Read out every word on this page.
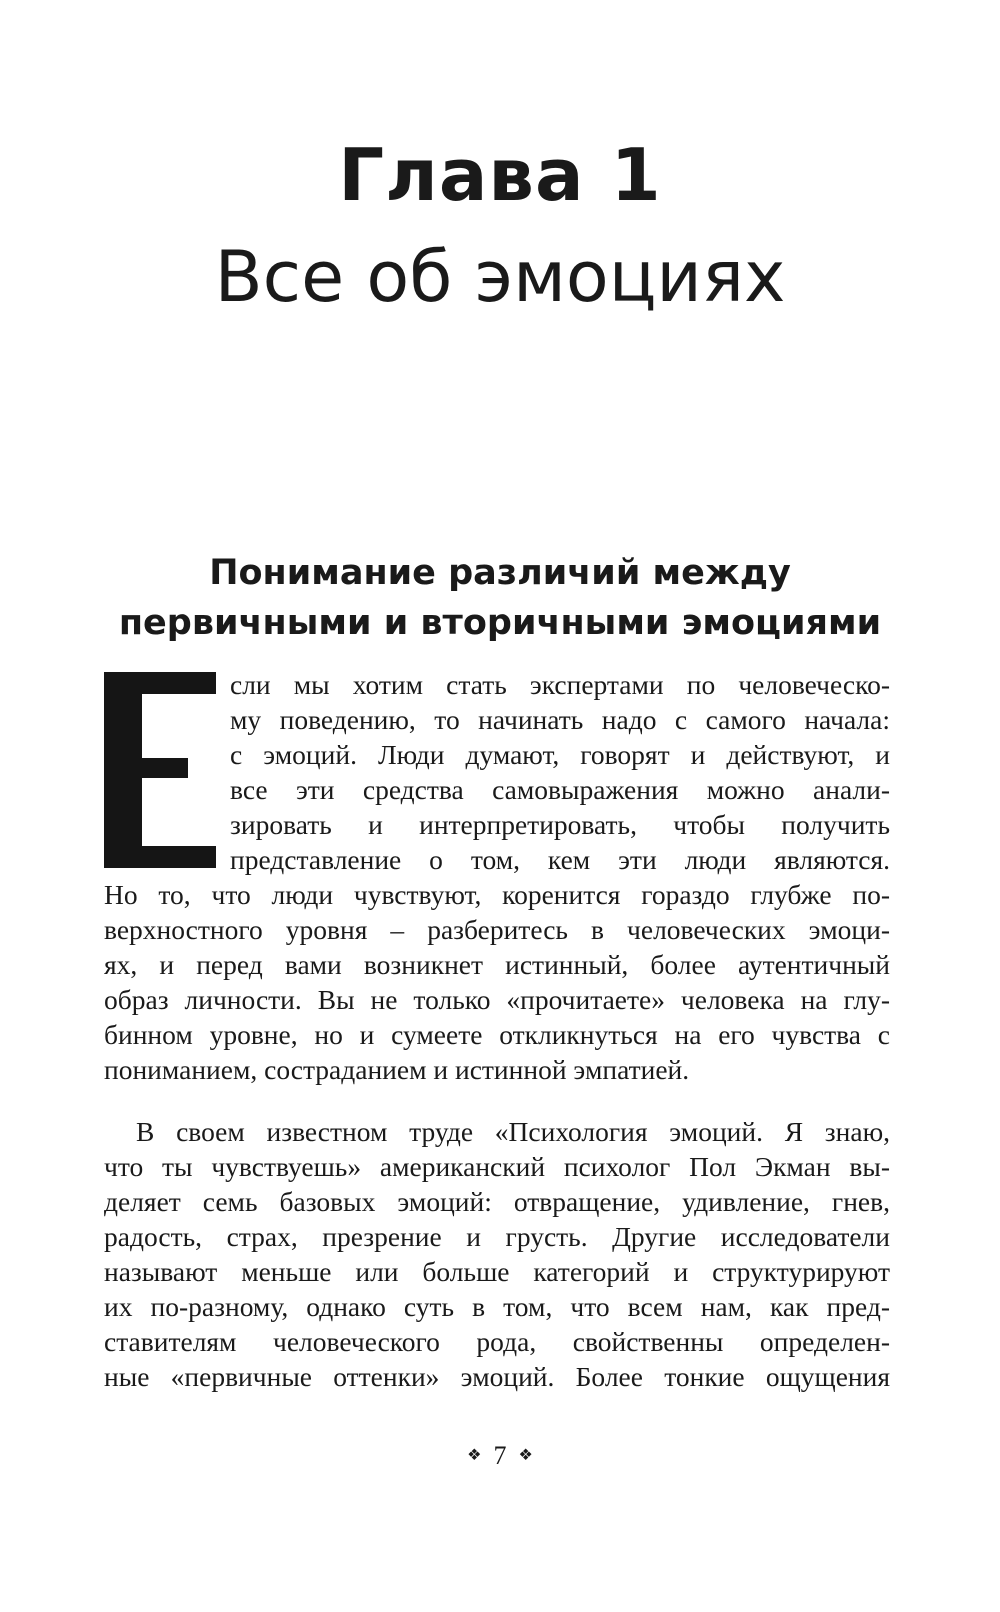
Глава 1
Все об эмоциях
Понимание различий между
первичными и вторичными эмоциями
сли мы хотим стать экспертами по человеческо-
му поведению, то начинать надо с самого начала:
с эмоций. Люди думают, говорят и действуют, и
все эти средства самовыражения можно анали-
зировать и интерпретировать, чтобы получить
представление о том, кем эти люди являются.
Но то, что люди чувствуют, коренится гораздо глубже по-
верхностного уровня – разберитесь в человеческих эмоци-
ях, и перед вами возникнет истинный, более аутентичный
образ личности. Вы не только «прочитаете» человека на глу-
бинном уровне, но и сумеете откликнуться на его чувства с
пониманием, состраданием и истинной эмпатией.
В своем известном труде «Психология эмоций. Я знаю,
что ты чувствуешь» американский психолог Пол Экман вы-
деляет семь базовых эмоций: отвращение, удивление, гнев,
радость, страх, презрение и грусть. Другие исследователи
называют меньше или больше категорий и структурируют
их по-разному, однако суть в том, что всем нам, как пред-
ставителям человеческого рода, свойственны определен-
ные «первичные оттенки» эмоций. Более тонкие ощущения
❖ 7 ❖
